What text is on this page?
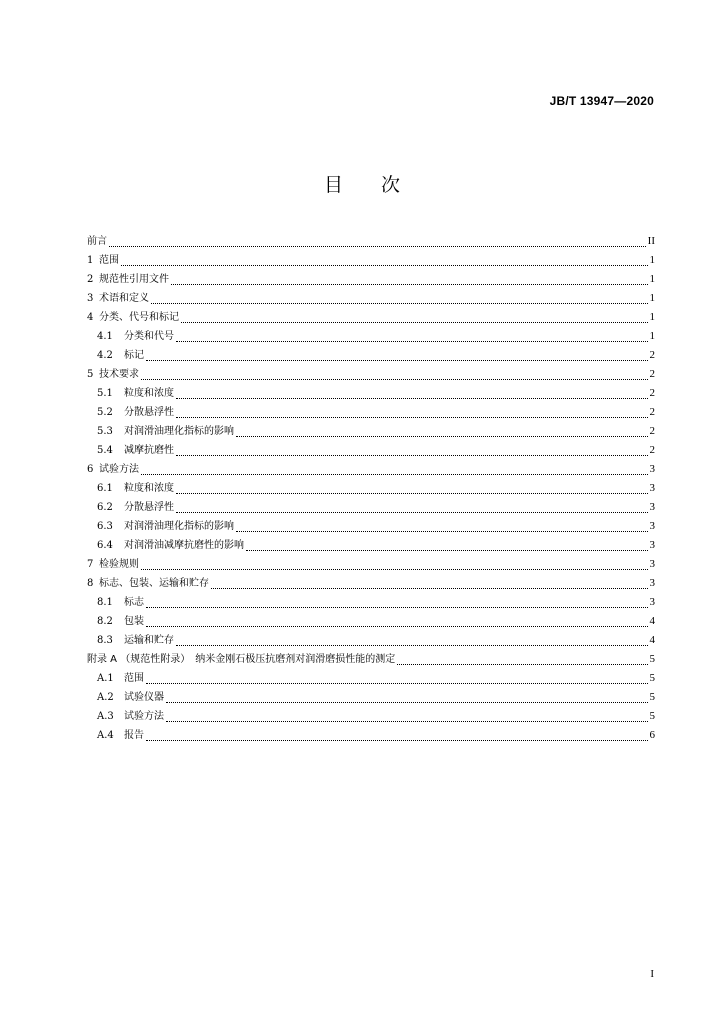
JB/T 13947—2020
目　　次
前言	II
1 范围	1
2 规范性引用文件	1
3 术语和定义	1
4 分类、代号和标记	1
4.1	分类和代号	1
4.2	标记	2
5 技术要求	2
5.1	粒度和浓度	2
5.2	分散悬浮性	2
5.3	对润滑油理化指标的影响	2
5.4	减摩抗磨性	2
6 试验方法	3
6.1	粒度和浓度	3
6.2	分散悬浮性	3
6.3	对润滑油理化指标的影响	3
6.4	对润滑油减摩抗磨性的影响	3
7 检验规则	3
8 标志、包装、运输和贮存	3
8.1	标志	3
8.2	包装	4
8.3	运输和贮存	4
附录 A （规范性附录）　纳米金刚石极压抗磨剂对润滑磨损性能的测定	5
A.1	范围	5
A.2	试验仪器	5
A.3	试验方法	5
A.4	报告	6
I
